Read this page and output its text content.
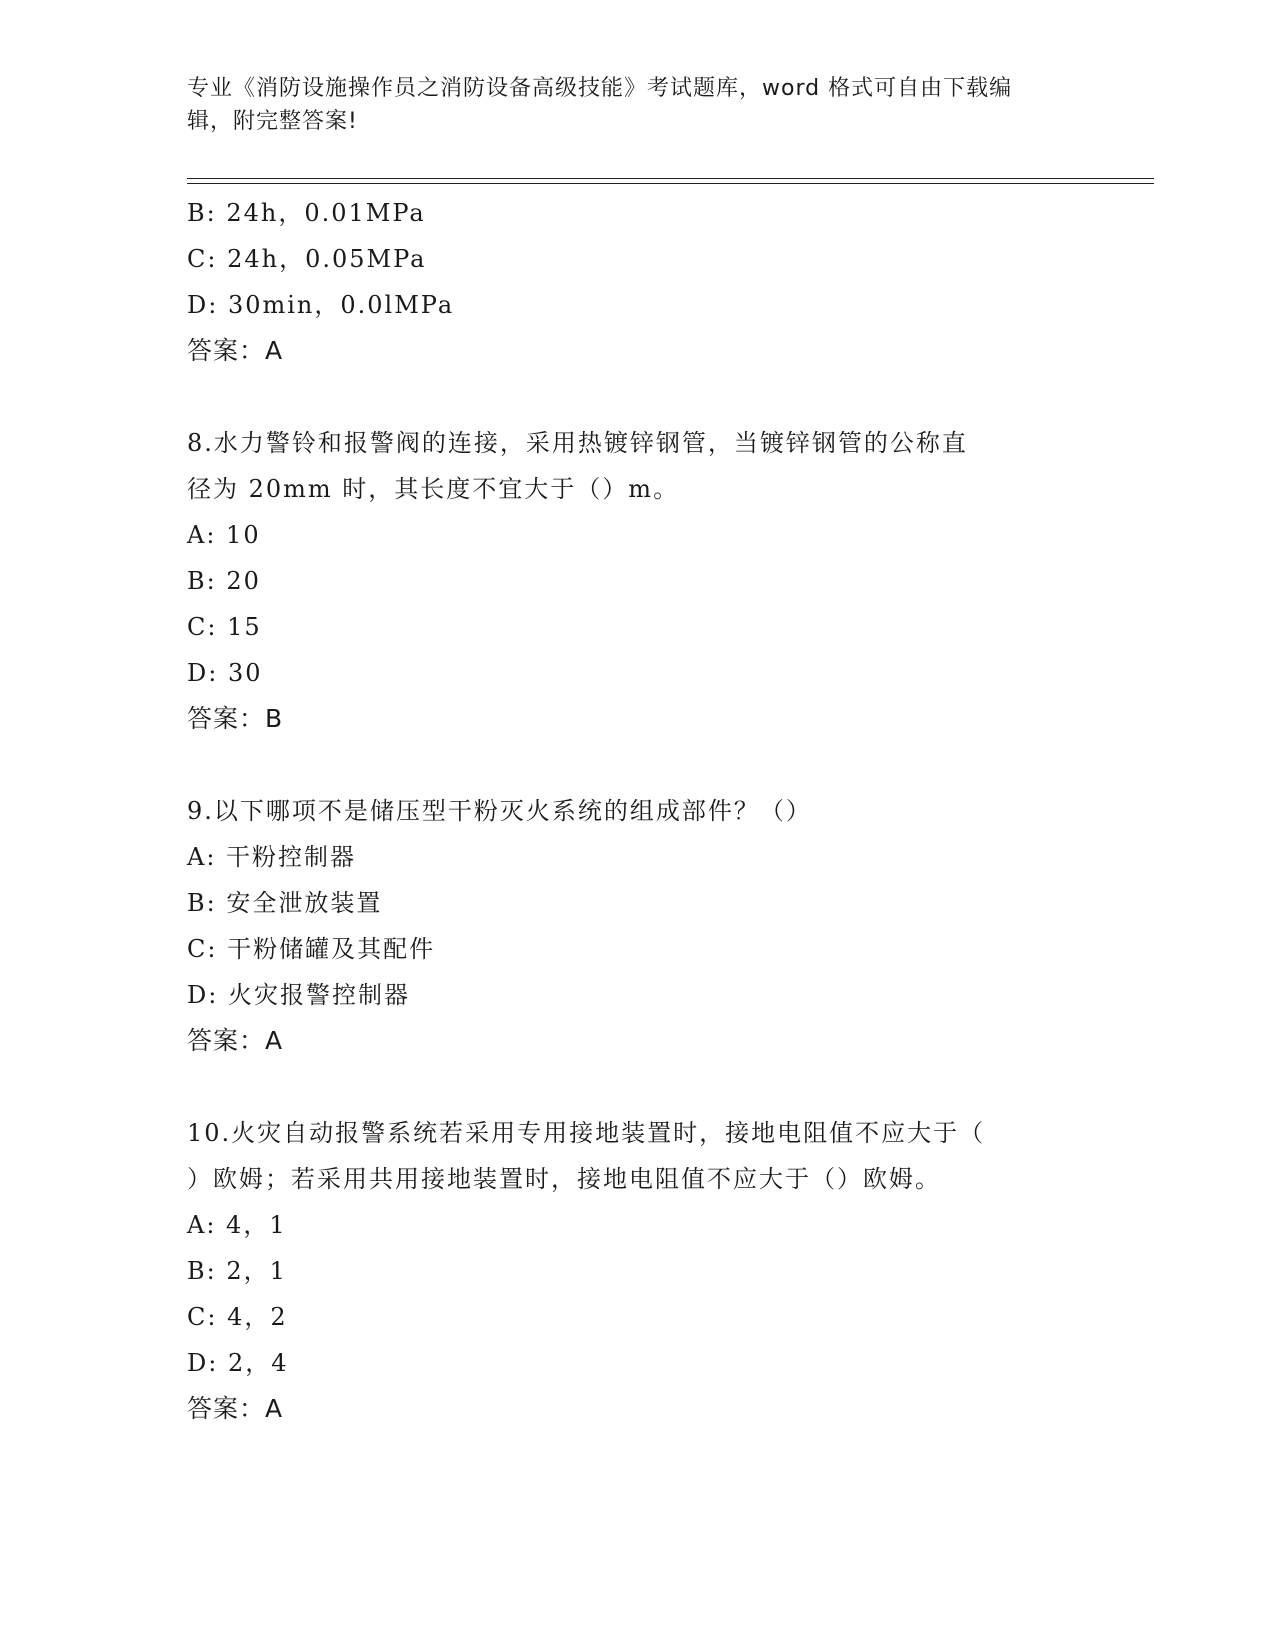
专业《消防设施操作员之消防设备高级技能》考试题库，word 格式可自由下载编
辑，附完整答案!
B: 24h，0.01MPa
C: 24h，0.05MPa
D: 30min，0.0lMPa
答案：A
8.水力警铃和报警阀的连接，采用热镀锌钢管，当镀锌钢管的公称直
径为 20mm 时，其长度不宜大于（）m。
A: 10
B: 20
C: 15
D: 30
答案：B
9.以下哪项不是储压型干粉灭火系统的组成部件？（）
A: 干粉控制器
B: 安全泄放装置
C: 干粉储罐及其配件
D: 火灾报警控制器
答案：A
10.火灾自动报警系统若采用专用接地装置时，接地电阻值不应大于（
）欧姆；若采用共用接地装置时，接地电阻值不应大于（）欧姆。
A: 4，1
B: 2，1
C: 4，2
D: 2，4
答案：A
